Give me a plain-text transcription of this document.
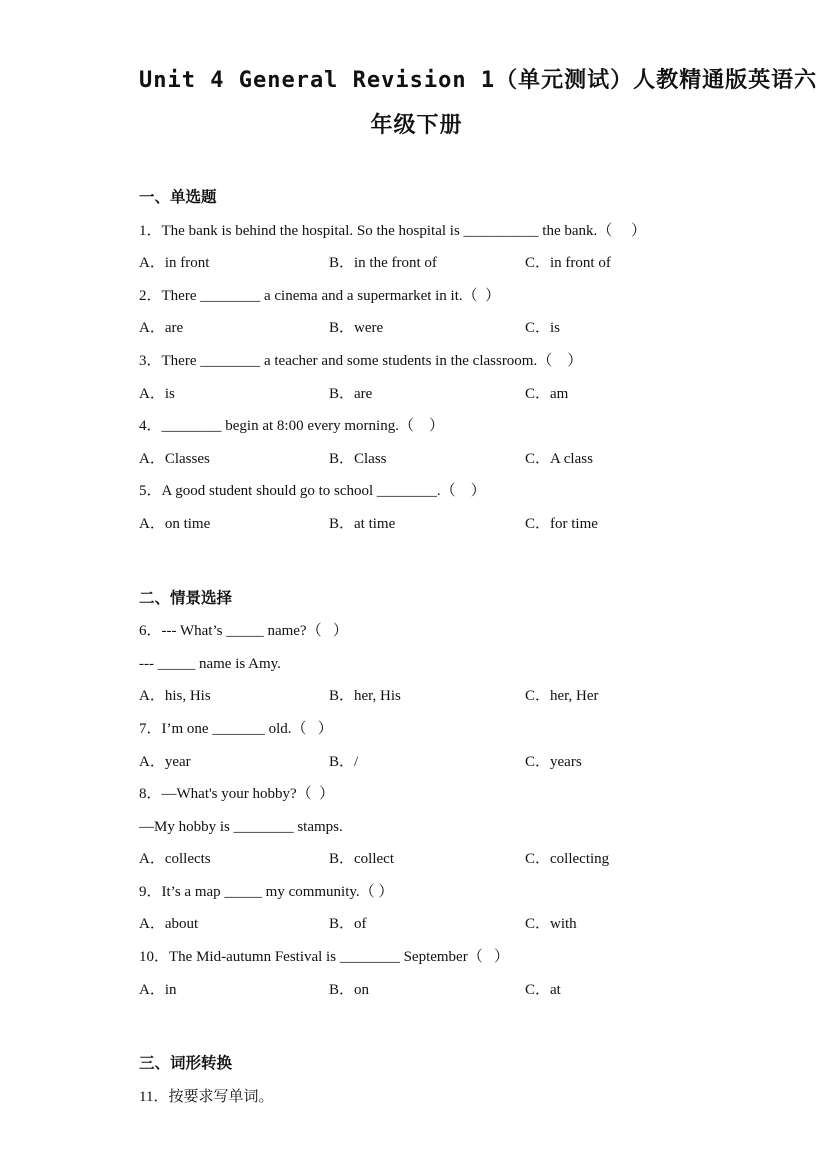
Unit 4 General Revision 1（单元测试）人教精通版英语六
年级下册
一、单选题
1．The bank is behind the hospital. So the hospital is __________ the bank.（     ）
A．in front	B．in the front of	C．in front of
2．There ________ a cinema and a supermarket in it.（  ）
A．are	B．were	C．is
3．There ________ a teacher and some students in the classroom.（    ）
A．is	B．are	C．am
4．________ begin at 8:00 every morning.（    ）
A．Classes	B．Class	C．A class
5．A good student should go to school ________.（    ）
A．on time	B．at time	C．for time
二、情景选择
6．--- What’s _____ name?（   ）
--- _____ name is Amy.
A．his, His	B．her, His	C．her, Her
7．I’m one _______ old.（   ）
A．year	B．/	C．years
8．—What's your hobby?（  ）
—My hobby is ________ stamps.
A．collects	B．collect	C．collecting
9．It’s a map _____ my community.（ ）
A．about	B．of	C．with
10．The Mid-autumn Festival is ________ September（   ）
A．in	B．on	C．at
三、词形转换
11．按要求写单词。
